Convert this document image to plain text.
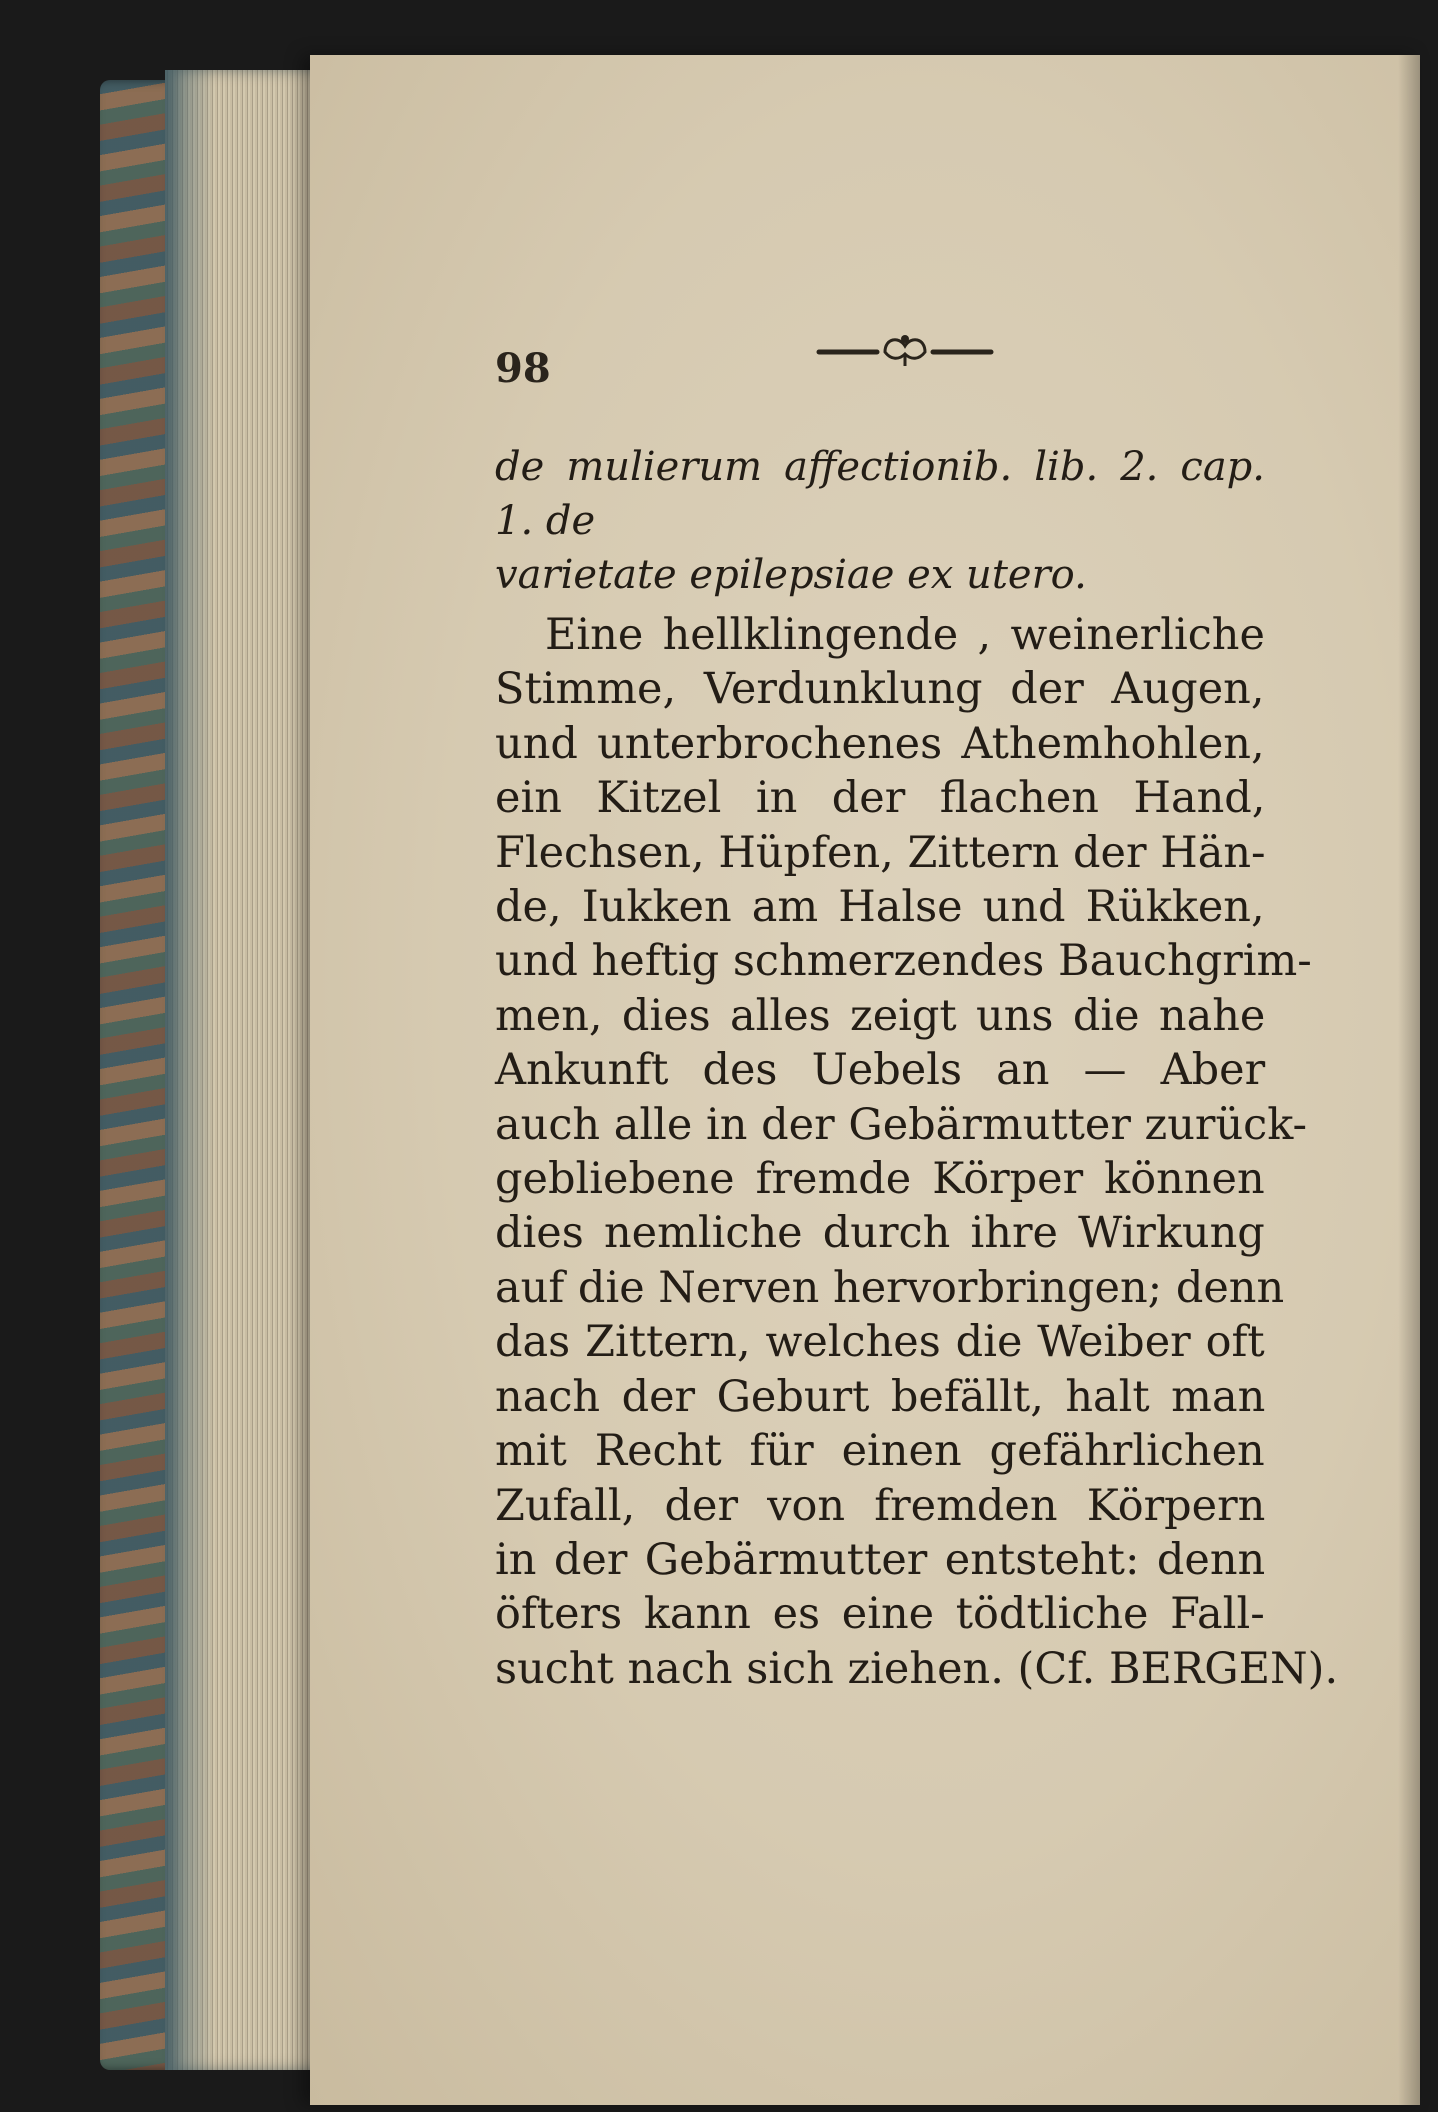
98

de mulierum affectionib. lib. 2. cap. 1. de
varietate epilepsiae ex utero.

Eine hellklingende , weinerliche

Stimme, Verdunklung der Augen,

und unterbrochenes Athemhohlen,

ein Kitzel in der flachen Hand,

Flechsen, Hüpfen, Zittern der Hän-

de, Iukken am Halse und Rükken,

und heftig schmerzendes Bauchgrim-

men, dies alles zeigt uns die nahe

Ankunft des Uebels an — Aber

auch alle in der Gebärmutter zurück-

gebliebene fremde Körper können

dies nemliche durch ihre Wirkung

auf die Nerven hervorbringen; denn

das Zittern, welches die Weiber oft

nach der Geburt befällt, halt man

mit Recht für einen gefährlichen

Zufall, der von fremden Körpern

in der Gebärmutter entsteht: denn

öfters kann es eine tödtliche Fall-

sucht nach sich ziehen. (Cf. BERGEN).
